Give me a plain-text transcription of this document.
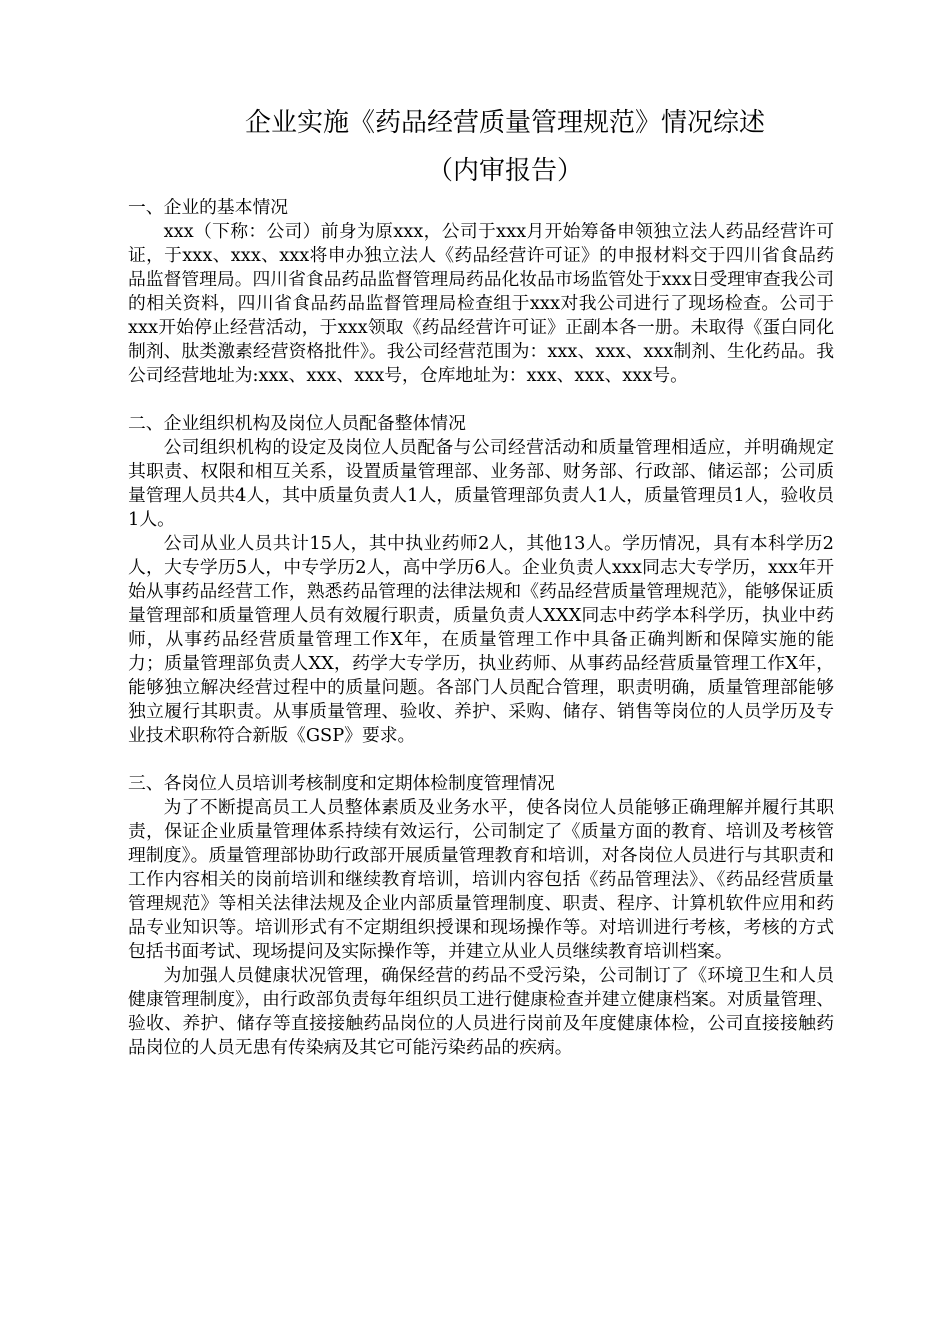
企业实施《药品经营质量管理规范》情况综述
（内审报告）

一、企业的基本情况

xxx（下称：公司）前身为原xxx，公司于xxx月开始筹备申领独立法人药品经营许可证，于xxx、xxx、xxx将申办独立法人《药品经营许可证》的申报材料交于四川省食品药品监督管理局。四川省食品药品监督管理局药品化妆品市场监管处于xxx日受理审查我公司的相关资料，四川省食品药品监督管理局检查组于xxx对我公司进行了现场检查。公司于xxx开始停止经营活动，于xxx领取《药品经营许可证》正副本各一册。未取得《蛋白同化制剂、肽类激素经营资格批件》。我公司经营范围为：xxx、xxx、xxx制剂、生化药品。我公司经营地址为:xxx、xxx、xxx号，仓库地址为：xxx、xxx、xxx号。

二、企业组织机构及岗位人员配备整体情况

公司组织机构的设定及岗位人员配备与公司经营活动和质量管理相适应，并明确规定其职责、权限和相互关系，设置质量管理部、业务部、财务部、行政部、储运部；公司质量管理人员共4人，其中质量负责人1人，质量管理部负责人1人，质量管理员1人，验收员1人。

公司从业人员共计15人，其中执业药师2人，其他13人。学历情况，具有本科学历2人，大专学历5人，中专学历2人，高中学历6人。企业负责人xxx同志大专学历，xxx年开始从事药品经营工作，熟悉药品管理的法律法规和《药品经营质量管理规范》，能够保证质量管理部和质量管理人员有效履行职责，质量负责人XXX同志中药学本科学历，执业中药师，从事药品经营质量管理工作X年，在质量管理工作中具备正确判断和保障实施的能力；质量管理部负责人XX，药学大专学历，执业药师、从事药品经营质量管理工作X年，能够独立解决经营过程中的质量问题。各部门人员配合管理，职责明确，质量管理部能够独立履行其职责。从事质量管理、验收、养护、采购、储存、销售等岗位的人员学历及专业技术职称符合新版《GSP》要求。

三、各岗位人员培训考核制度和定期体检制度管理情况

为了不断提高员工人员整体素质及业务水平，使各岗位人员能够正确理解并履行其职责，保证企业质量管理体系持续有效运行，公司制定了《质量方面的教育、培训及考核管理制度》。质量管理部协助行政部开展质量管理教育和培训，对各岗位人员进行与其职责和工作内容相关的岗前培训和继续教育培训，培训内容包括《药品管理法》、《药品经营质量管理规范》等相关法律法规及企业内部质量管理制度、职责、程序、计算机软件应用和药品专业知识等。培训形式有不定期组织授课和现场操作等。对培训进行考核，考核的方式包括书面考试、现场提问及实际操作等，并建立从业人员继续教育培训档案。

为加强人员健康状况管理，确保经营的药品不受污染，公司制订了《环境卫生和人员健康管理制度》，由行政部负责每年组织员工进行健康检查并建立健康档案。对质量管理、验收、养护、储存等直接接触药品岗位的人员进行岗前及年度健康体检，公司直接接触药品岗位的人员无患有传染病及其它可能污染药品的疾病。
